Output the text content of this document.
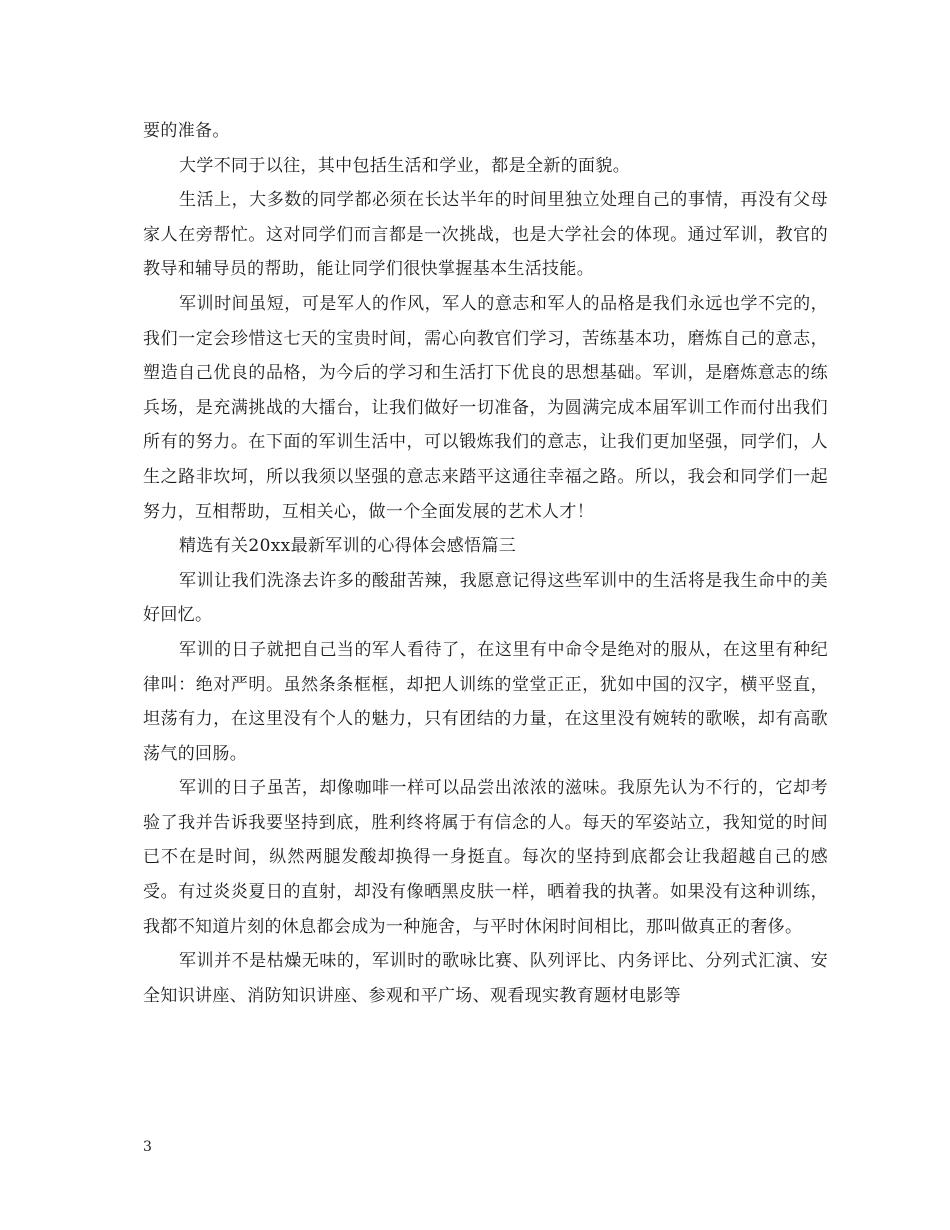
要的准备。

大学不同于以往，其中包括生活和学业，都是全新的面貌。

生活上，大多数的同学都必须在长达半年的时间里独立处理自己的事情，再没有父母家人在旁帮忙。这对同学们而言都是一次挑战，也是大学社会的体现。通过军训，教官的教导和辅导员的帮助，能让同学们很快掌握基本生活技能。

军训时间虽短，可是军人的作风，军人的意志和军人的品格是我们永远也学不完的，我们一定会珍惜这七天的宝贵时间，需心向教官们学习，苦练基本功，磨炼自己的意志，塑造自己优良的品格，为今后的学习和生活打下优良的思想基础。军训，是磨炼意志的练兵场，是充满挑战的大擂台，让我们做好一切准备，为圆满完成本届军训工作而付出我们所有的努力。在下面的军训生活中，可以锻炼我们的意志，让我们更加坚强，同学们，人生之路非坎坷，所以我须以坚强的意志来踏平这通往幸福之路。所以，我会和同学们一起努力，互相帮助，互相关心，做一个全面发展的艺术人才！

精选有关20xx最新军训的心得体会感悟篇三

军训让我们洗涤去许多的酸甜苦辣，我愿意记得这些军训中的生活将是我生命中的美好回忆。

军训的日子就把自己当的军人看待了，在这里有中命令是绝对的服从，在这里有种纪律叫：绝对严明。虽然条条框框，却把人训练的堂堂正正，犹如中国的汉字，横平竖直，坦荡有力，在这里没有个人的魅力，只有团结的力量，在这里没有婉转的歌喉，却有高歌荡气的回肠。

军训的日子虽苦，却像咖啡一样可以品尝出浓浓的滋味。我原先认为不行的，它却考验了我并告诉我要坚持到底，胜利终将属于有信念的人。每天的军姿站立，我知觉的时间已不在是时间，纵然两腿发酸却换得一身挺直。每次的坚持到底都会让我超越自己的感受。有过炎炎夏日的直射，却没有像晒黑皮肤一样，晒着我的执著。如果没有这种训练，我都不知道片刻的休息都会成为一种施舍，与平时休闲时间相比，那叫做真正的奢侈。

军训并不是枯燥无味的，军训时的歌咏比赛、队列评比、内务评比、分列式汇演、安全知识讲座、消防知识讲座、参观和平广场、观看现实教育题材电影等

3
